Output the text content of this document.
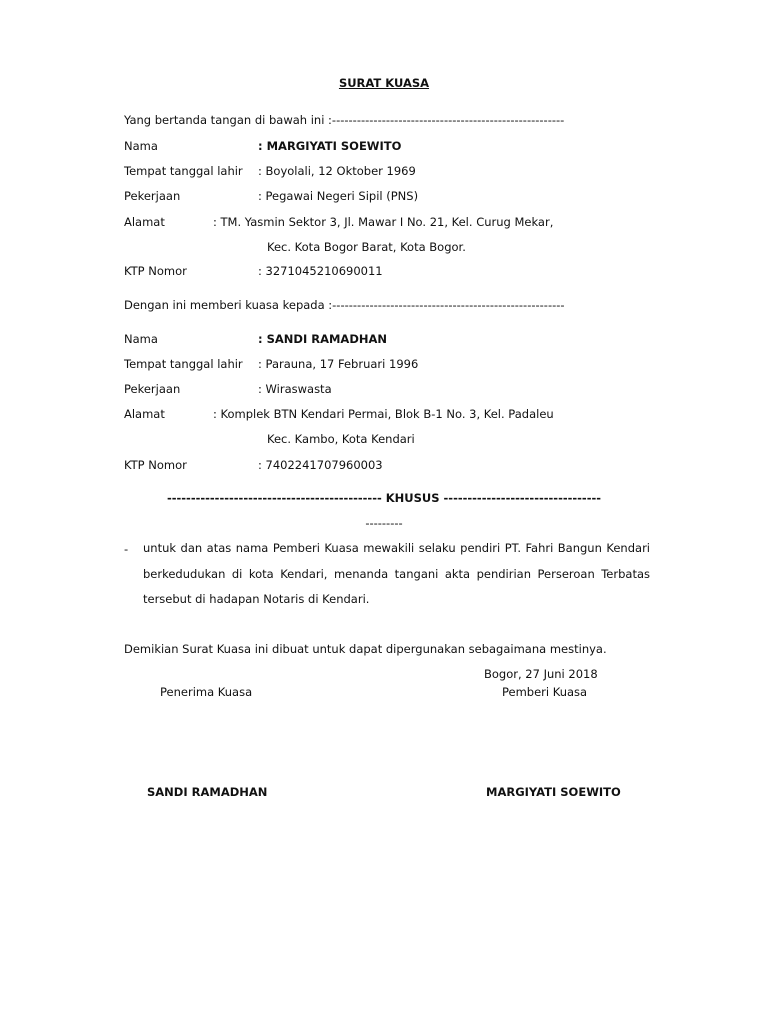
SURAT KUASA
Yang bertanda tangan di bawah ini :--------------------------------------------------------
Nama	: MARGIYATI SOEWITO
Tempat tanggal lahir : Boyolali, 12 Oktober 1969
Pekerjaan	: Pegawai Negeri Sipil (PNS)
Alamat	: TM. Yasmin Sektor 3, Jl. Mawar I No. 21, Kel. Curug Mekar,
Kec. Kota Bogor Barat, Kota Bogor.
KTP Nomor	: 3271045210690011
Dengan ini memberi kuasa kepada :--------------------------------------------------------
Nama	: SANDI RAMADHAN
Tempat tanggal lahir : Parauna, 17 Februari 1996
Pekerjaan	: Wiraswasta
Alamat	: Komplek BTN Kendari Permai, Blok B-1 No. 3, Kel. Padaleu
Kec. Kambo, Kota Kendari
KTP Nomor	: 7402241707960003
--------------------------------------------- KHUSUS ---------------------------------
---------
- untuk dan atas nama Pemberi Kuasa mewakili selaku pendiri PT. Fahri Bangun Kendari berkedudukan di kota Kendari, menanda tangani akta pendirian Perseroan Terbatas tersebut di hadapan Notaris di Kendari.
Demikian Surat Kuasa ini dibuat untuk dapat dipergunakan sebagaimana mestinya.
Bogor, 27 Juni 2018
Penerima Kuasa	Pemberi Kuasa
SANDI RAMADHAN	MARGIYATI SOEWITO
